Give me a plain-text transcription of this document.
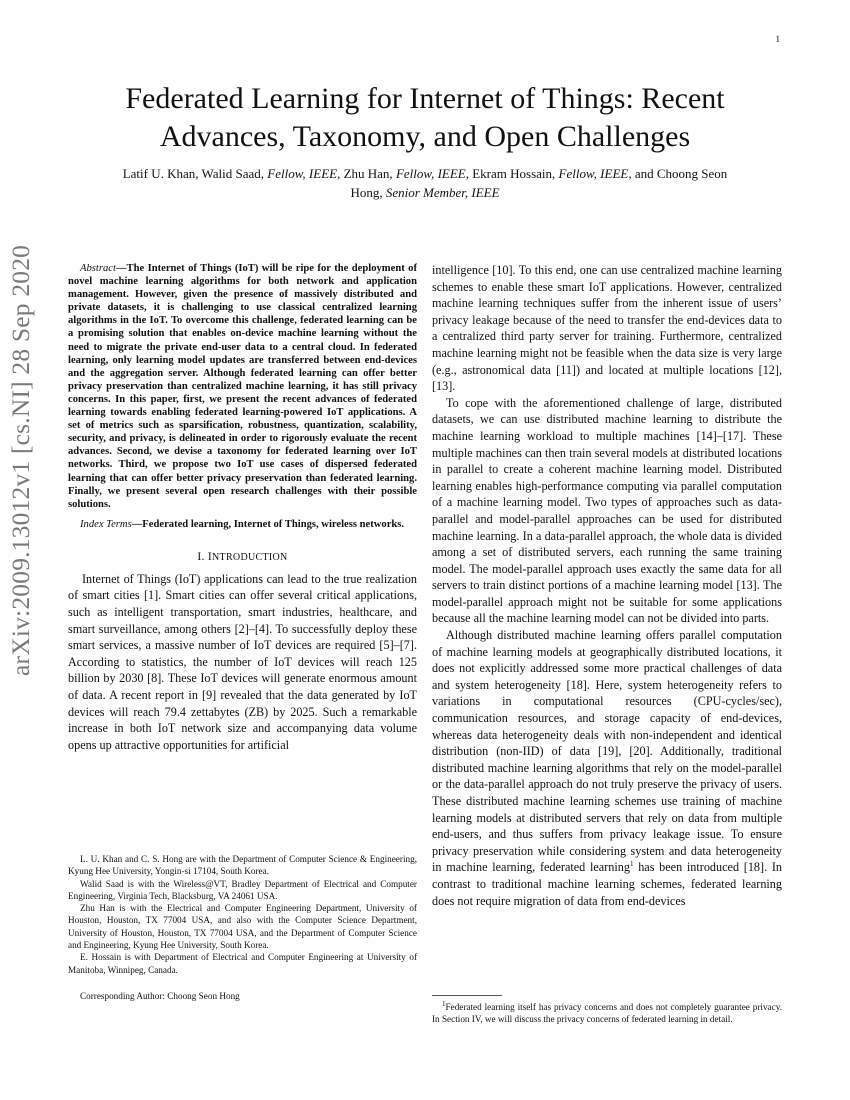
1
arXiv:2009.13012v1 [cs.NI] 28 Sep 2020
Federated Learning for Internet of Things: Recent
Advances, Taxonomy, and Open Challenges
Latif U. Khan, Walid Saad, Fellow, IEEE, Zhu Han, Fellow, IEEE, Ekram Hossain, Fellow, IEEE, and Choong Seon Hong, Senior Member, IEEE

Abstract—The Internet of Things (IoT) will be ripe for the deployment of novel machine learning algorithms for both network and application management. However, given the presence of massively distributed and private datasets, it is challenging to use classical centralized learning algorithms in the IoT. To overcome this challenge, federated learning can be a promising solution that enables on-device machine learning without the need to migrate the private end-user data to a central cloud. In federated learning, only learning model updates are transferred between end-devices and the aggregation server. Although federated learning can offer better privacy preservation than centralized machine learning, it has still privacy concerns. In this paper, first, we present the recent advances of federated learning towards enabling federated learning-powered IoT applications. A set of metrics such as sparsification, robustness, quantization, scalability, security, and privacy, is delineated in order to rigorously evaluate the recent advances. Second, we devise a taxonomy for federated learning over IoT networks. Third, we propose two IoT use cases of dispersed federated learning that can offer better privacy preservation than federated learning. Finally, we present several open research challenges with their possible solutions.

Index Terms—Federated learning, Internet of Things, wireless networks.

I. INTRODUCTION

Internet of Things (IoT) applications can lead to the true realization of smart cities [1]. Smart cities can offer several critical applications, such as intelligent transportation, smart industries, healthcare, and smart surveillance, among others [2]–[4]. To successfully deploy these smart services, a massive number of IoT devices are required [5]–[7]. According to statistics, the number of IoT devices will reach 125 billion by 2030 [8]. These IoT devices will generate enormous amount of data. A recent report in [9] revealed that the data generated by IoT devices will reach 79.4 zettabytes (ZB) by 2025. Such a remarkable increase in both IoT network size and accompanying data volume opens up attractive opportunities for artificial

L. U. Khan and C. S. Hong are with the Department of Computer Science & Engineering, Kyung Hee University, Yongin-si 17104, South Korea.

Walid Saad is with the Wireless@VT, Bradley Department of Electrical and Computer Engineering, Virginia Tech, Blacksburg, VA 24061 USA.

Zhu Han is with the Electrical and Computer Engineering Department, University of Houston, Houston, TX 77004 USA, and also with the Computer Science Department, University of Houston, Houston, TX 77004 USA, and the Department of Computer Science and Engineering, Kyung Hee University, South Korea.

E. Hossain is with Department of Electrical and Computer Engineering at University of Manitoba, Winnipeg, Canada.

Corresponding Author: Choong Seon Hong

intelligence [10]. To this end, one can use centralized machine learning schemes to enable these smart IoT applications. However, centralized machine learning techniques suffer from the inherent issue of users’ privacy leakage because of the need to transfer the end-devices data to a centralized third party server for training. Furthermore, centralized machine learning might not be feasible when the data size is very large (e.g., astronomical data [11]) and located at multiple locations [12], [13].

To cope with the aforementioned challenge of large, distributed datasets, we can use distributed machine learning to distribute the machine learning workload to multiple machines [14]–[17]. These multiple machines can then train several models at distributed locations in parallel to create a coherent machine learning model. Distributed learning enables high-performance computing via parallel computation of a machine learning model. Two types of approaches such as data-parallel and model-parallel approaches can be used for distributed machine learning. In a data-parallel approach, the whole data is divided among a set of distributed servers, each running the same training model. The model-parallel approach uses exactly the same data for all servers to train distinct portions of a machine learning model [13]. The model-parallel approach might not be suitable for some applications because all the machine learning model can not be divided into parts.

Although distributed machine learning offers parallel computation of machine learning models at geographically distributed locations, it does not explicitly addressed some more practical challenges of data and system heterogeneity [18]. Here, system heterogeneity refers to variations in computational resources (CPU-cycles/sec), communication resources, and storage capacity of end-devices, whereas data heterogeneity deals with non-independent and identical distribution (non-IID) of data [19], [20]. Additionally, traditional distributed machine learning algorithms that rely on the model-parallel or the data-parallel approach do not truly preserve the privacy of users. These distributed machine learning schemes use training of machine learning models at distributed servers that rely on data from multiple end-users, and thus suffers from privacy leakage issue. To ensure privacy preservation while considering system and data heterogeneity in machine learning, federated learning$^1$ has been introduced [18]. In contrast to traditional machine learning schemes, federated learning does not require migration of data from end-devices

$^1$Federated learning itself has privacy concerns and does not completely guarantee privacy. In Section IV, we will discuss the privacy concerns of federated learning in detail.
